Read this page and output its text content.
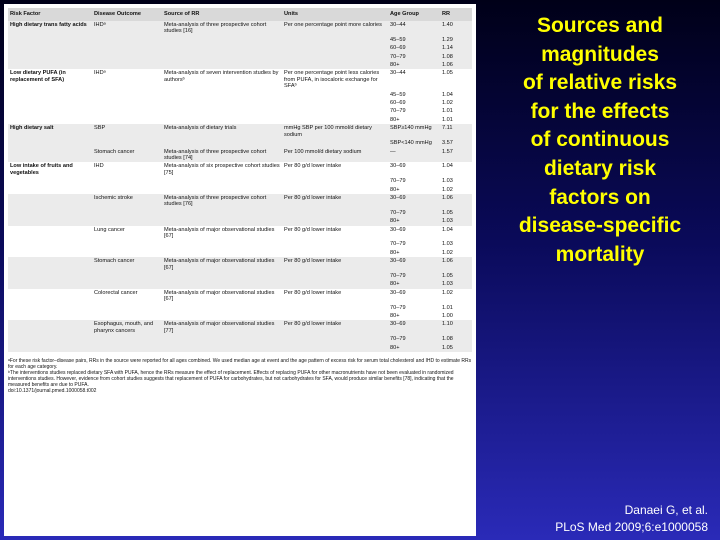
Risk Factor	Disease Outcome	Source of RR	Units	Age Group	RR
High dietary trans fatty acids	IHDᵃ	Meta-analysis of three prospective cohort studies [16]	Per one percentage point more calories	30–44	1.40
				45–59	1.29
				60–69	1.14
				70–79	1.08
				80+	1.06
Low dietary PUFA (in replacement of SFA)	IHDᵃ	Meta-analysis of seven intervention studies by authorsᵇ	Per one percentage point less calories from PUFA, in isocaloric exchange for SFAᵇ	30–44	1.05
				45–59	1.04
				60–69	1.02
				70–79	1.01
				80+	1.01
High dietary salt	SBP	Meta-analysis of dietary trials	mmHg SBP per 100 mmol/d dietary sodium	SBP≥140 mmHg	7.11
				SBP<140 mmHg	3.57
	Stomach cancer	Meta-analysis of three prospective cohort studies [74]	Per 100 mmol/d dietary sodium	—	1.57
Low intake of fruits and vegetables	IHD	Meta-analysis of six prospective cohort studies [75]	Per 80 g/d lower intake	30–69	1.04
				70–79	1.03
				80+	1.02
	Ischemic stroke	Meta-analysis of three prospective cohort studies [76]	Per 80 g/d lower intake	30–69	1.06
				70–79	1.05
				80+	1.03
	Lung cancer	Meta-analysis of major observational studies [67]	Per 80 g/d lower intake	30–69	1.04
				70–79	1.03
				80+	1.02
	Stomach cancer	Meta-analysis of major observational studies [67]	Per 80 g/d lower intake	30–69	1.06
				70–79	1.05
				80+	1.03
	Colorectal cancer	Meta-analysis of major observational studies [67]	Per 80 g/d lower intake	30–69	1.02
				70–79	1.01
				80+	1.00
	Esophagus, mouth, and pharynx cancers	Meta-analysis of major observational studies [77]	Per 80 g/d lower intake	30–69	1.10
				70–79	1.08
				80+	1.05

ᵃFor these risk factor–disease pairs, RRs in the source were reported for all ages combined. We used median age at event and the age pattern of excess risk for serum total cholesterol and IHD to estimate RRs for each age category.

ᵇThe interventions studies replaced dietary SFA with PUFA, hence the RRs measure the effect of replacement. Effects of replacing PUFA for other macronutrients have not been evaluated in randomized interventions studies. However, evidence from cohort studies suggests that replacement of PUFA for carbohydrates, but not carbohydrates for SFA, would produce similar benefits [78], indicating that the measured benefits are due to PUFA.

doi:10.1371/journal.pmed.1000058.t002

Sources and
magnitudes
of relative risks
for the effects
of continuous
dietary risk
factors on
disease-specific
mortality
Danaei G, et al.
PLoS Med 2009;6:e1000058
